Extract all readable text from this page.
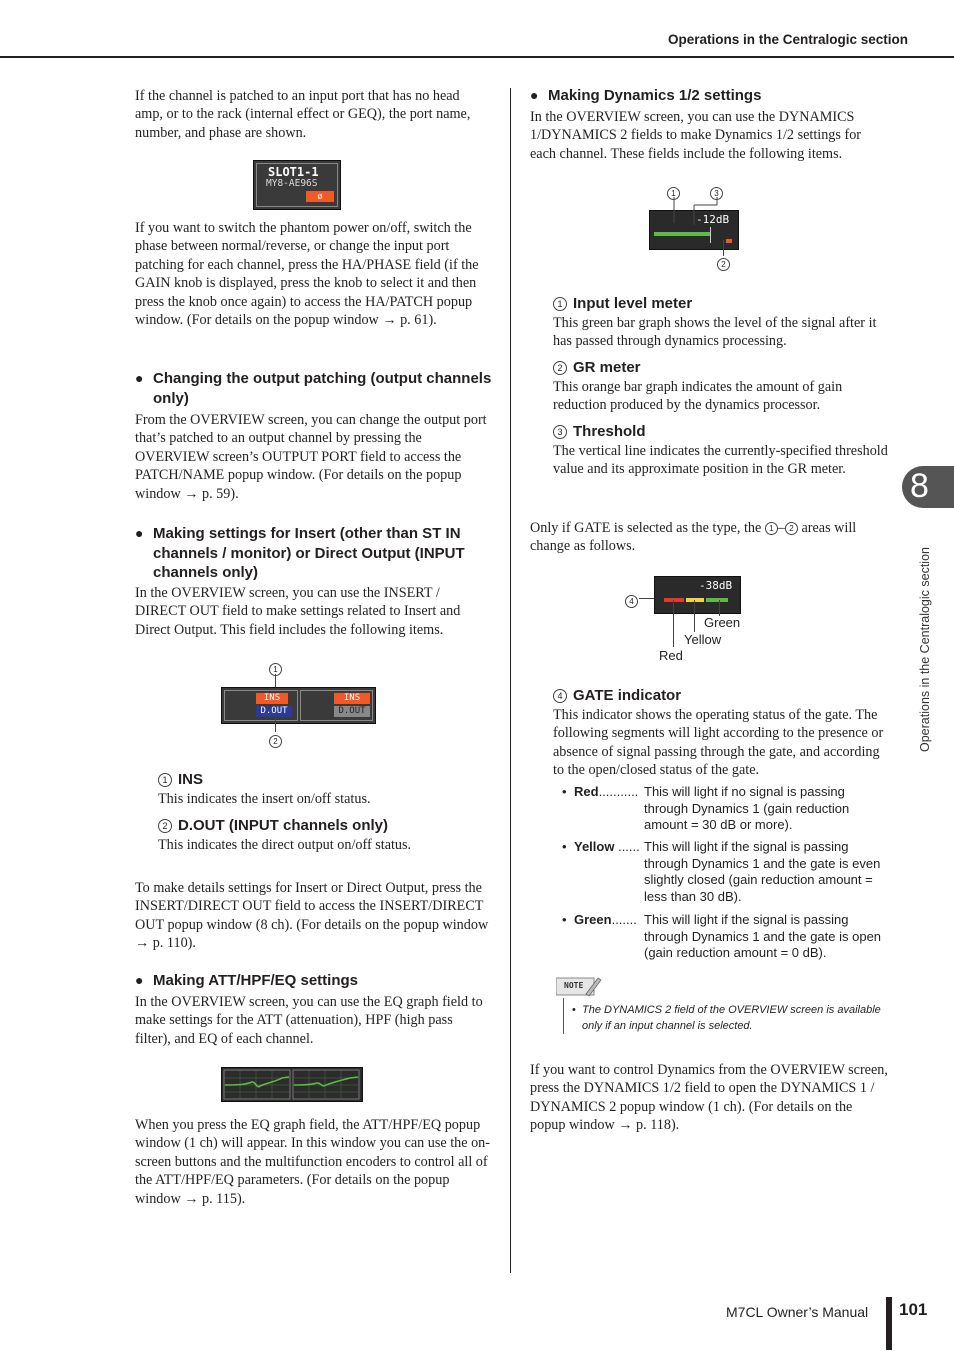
Operations in the Centralogic section
8
Operations in the Centralogic section
If the channel is patched to an input port that has no head amp, or to the rack (internal effect or GEQ), the port name, number, and phase are shown.
SLOT1-1
MY8-AE96S
ø
If you want to switch the phantom power on/off, switch the phase between normal/reverse, or change the input port patching for each channel, press the HA/PHASE field (if the GAIN knob is displayed, press the knob to select it and then press the knob once again) to access the HA/PATCH popup window. (For details on the popup window → p. 61).
● Changing the output patching (output channels only)
From the OVERVIEW screen, you can change the output port that’s patched to an output channel by pressing the OVERVIEW screen’s OUTPUT PORT field to access the PATCH/NAME popup window. (For details on the popup window → p. 59).
● Making settings for Insert (other than ST IN channels / monitor) or Direct Output (INPUT channels only)
In the OVERVIEW screen, you can use the INSERT / DIRECT OUT field to make settings related to Insert and Direct Output. This field includes the following items.
1
INS
D.OUT
INS
D.OUT
2
1 INS
This indicates the insert on/off status.
2 D.OUT (INPUT channels only)
This indicates the direct output on/off status.
To make details settings for Insert or Direct Output, press the INSERT/DIRECT OUT field to access the INSERT/DIRECT OUT popup window (8 ch). (For details on the popup window → p. 110).
● Making ATT/HPF/EQ settings
In the OVERVIEW screen, you can use the EQ graph field to make settings for the ATT (attenuation), HPF (high pass filter), and EQ of each channel.
When you press the EQ graph field, the ATT/HPF/EQ popup window (1 ch) will appear. In this window you can use the on-screen buttons and the multifunction encoders to control all of the ATT/HPF/EQ parameters. (For details on the popup window → p. 115).
● Making Dynamics 1/2 settings
In the OVERVIEW screen, you can use the DYNAMICS 1/DYNAMICS 2 fields to make Dynamics 1/2 settings for each channel. These fields include the following items.
1	3
-12dB
2
1 Input level meter
This green bar graph shows the level of the signal after it has passed through dynamics processing.
2 GR meter
This orange bar graph indicates the amount of gain reduction produced by the dynamics processor.
3 Threshold
The vertical line indicates the currently-specified threshold value and its approximate position in the GR meter.
Only if GATE is selected as the type, the 1 – 2 areas will change as follows.
4
-38dB
Green
Yellow
Red
4 GATE indicator
This indicator shows the operating status of the gate. The following segments will light according to the presence or absence of signal passing through the gate, and according to the open/closed status of the gate.
• Red........... This will light if no signal is passing through Dynamics 1 (gain reduction amount = 30 dB or more).
• Yellow ...... This will light if the signal is passing through Dynamics 1 and the gate is even slightly closed (gain reduction amount = less than 30 dB).
• Green....... This will light if the signal is passing through Dynamics 1 and the gate is open (gain reduction amount = 0 dB).
NOTE
• The DYNAMICS 2 field of the OVERVIEW screen is available only if an input channel is selected.
If you want to control Dynamics from the OVERVIEW screen, press the DYNAMICS 1/2 field to open the DYNAMICS 1 / DYNAMICS 2 popup window (1 ch). (For details on the popup window → p. 118).
M7CL Owner’s Manual 101
